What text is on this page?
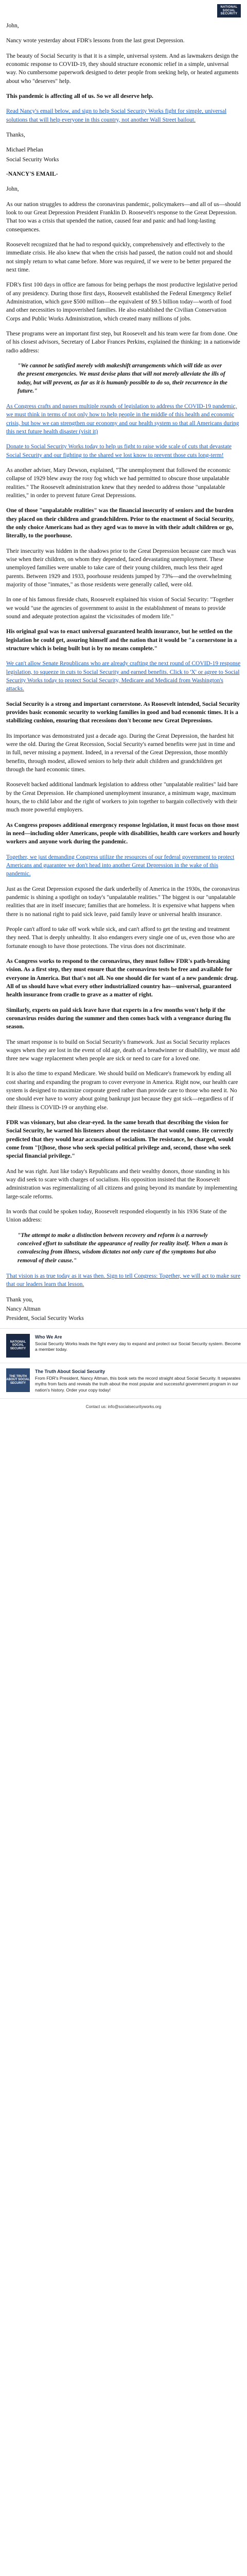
NATIONAL SOCIAL SECURITY

John,

Nancy wrote yesterday about FDR's lessons from the last great Depression.

The beauty of Social Security is that it is a simple, universal system. And as lawmakers design the economic response to COVID-19, they should structure economic relief in a simple, universal way. No cumbersome paperwork designed to deter people from seeking help, or heated arguments about who "deserves" help.

This pandemic is affecting all of us. So we all deserve help.

Read Nancy's email below, and sign to help Social Security Works fight for simple, universal solutions that will help everyone in this country, not another Wall Street bailout.

Thanks,

Michael Phelan

Social Security Works

-NANCY'S EMAIL-

John,

As our nation struggles to address the coronavirus pandemic, policymakers—and all of us—should look to our Great Depression President Franklin D. Roosevelt's response to the Great Depression. That too was a crisis that upended the nation, caused fear and panic and had long-lasting consequences.

Roosevelt recognized that he had to respond quickly, comprehensively and effectively to the immediate crisis. He also knew that when the crisis had passed, the nation could not and should not simply return to what came before. More was required, if we were to be better prepared the next time.

FDR's first 100 days in office are famous for being perhaps the most productive legislative period of any presidency. During those first days, Roosevelt established the Federal Emergency Relief Administration, which gave $500 million—the equivalent of $9.5 billion today—worth of food and other necessities to impoverished families. He also established the Civilian Conservation Corps and Public Works Administration, which created many millions of jobs.

These programs were an important first step, but Roosevelt and his team were far from done. One of his closest advisors, Secretary of Labor Frances Perkins, explained the thinking: in a nationwide radio address:

"We cannot be satisfied merely with makeshift arrangements which will tide us over the present emergencies. We must devise plans that will not merely alleviate the ills of today, but will prevent, as far as it is humanly possible to do so, their recurrence in the future."

As Congress crafts and passes multiple rounds of legislation to address the COVID-19 pandemic, we must think in terms of not only how to help people in the middle of this health and economic crisis, but how we can strengthen our economy and our health system so that all Americans during this next future health disaster (visit it)

Donate to Social Security Works today to help us fight to raise wide scale of cuts that devastate Social Security and our fighting to the shared we lost know to prevent those cuts long-term!

As another adviser, Mary Dewson, explained, "The unemployment that followed the economic collapse of 1929 blew away the rosy fog which we had permitted to obscure those unpalatable realities." The Roosevelt administration knew that they needed to address those "unpalatable realities," in order to prevent future Great Depressions.

One of those "unpalatable realities" was the financial insecurity of seniors and the burden they placed on their children and grandchildren. Prior to the enactment of Social Security, the only choice Americans had as they aged was to move in with their adult children or go, literally, to the poorhouse.

Their insecurity was hidden in the shadows prior to the Great Depression because care much was wise when their children, on whom they depended, faced devastating unemployment. These unemployed families were unable to take care of their young children, much less their aged parents. Between 1929 and 1933, poorhouse residents jumped by 73%—and the overwhelming majority of those "inmates," as those residents were generally called, were old.

In one of his famous fireside chats, Roosevelt explained his vision of Social Security: "Together we would "use the agencies of government to assist in the establishment of means to provide sound and adequate protection against the vicissitudes of modern life."

His original goal was to enact universal guaranteed health insurance, but he settled on the legislation he could get, assuring himself and the nation that it would be "a cornerstone in a structure which is being built but is by no means complete."

We can't allow Senate Republicans who are already crafting the next round of COVID-19 response legislation, to squeeze in cuts to Social Security and earned benefits. Click to 'X' or agree to Social Security Works today to protect Social Security, Medicare and Medicaid from Washington's attacks.

Social Security is a strong and important cornerstone. As Roosevelt intended, Social Security provides basic economic security to working families in good and bad economic times. It is a stabilizing cushion, ensuring that recessions don't become new Great Depressions.

Its importance was demonstrated just a decade ago. During the Great Depression, the hardest hit were the old. During the Great Recession, Social Security's earned benefits were just in time and in full, never missing a payment. Indeed, in a reversal of the Great Depression, those monthly benefits, through modest, allowed seniors to help their adult children and grandchildren get through the hard economic times.

Roosevelt backed additional landmark legislation to address other "unpalatable realities" laid bare by the Great Depression. He championed unemployment insurance, a minimum wage, maximum hours, the to child labor and the right of workers to join together to bargain collectively with their much more powerful employers.

As Congress proposes additional emergency response legislation, it must focus on those most in need—including older Americans, people with disabilities, health care workers and hourly workers and anyone work during the pandemic.

Together, we just demanding Congress utilize the resources of our federal government to protect Americans and guarantee we don't head into another Great Depression in the wake of this pandemic.

Just as the Great Depression exposed the dark underbelly of America in the 1930s, the coronavirus pandemic is shining a spotlight on today's "unpalatable realities." The biggest is our "unpalatable realities that are in itself insecure; families that are homeless. It is expensive what happens when there is no national right to paid sick leave, paid family leave or universal health insurance.

People can't afford to take off work while sick, and can't afford to get the testing and treatment they need. That is deeply unhealthy. It also endangers every single one of us, even those who are fortunate enough to have those protections. The virus does not discriminate.

As Congress works to respond to the coronavirus, they must follow FDR's path-breaking vision. As a first step, they must ensure that the coronavirus tests be free and available for everyone in America. But that's not all. No one should die for want of a new pandemic drug. All of us should have what every other industrialized country has—universal, guaranteed health insurance from cradle to grave as a matter of right.

Similarly, experts on paid sick leave have that experts in a few months won't help if the coronavirus resides during the summer and then comes back with a vengeance during flu season.

The smart response is to build on Social Security's framework. Just as Social Security replaces wages when they are lost in the event of old age, death of a breadwinner or disability, we must add three new wage replacement when people are sick or need to care for a loved one.

It is also the time to expand Medicare. We should build on Medicare's framework by ending all cost sharing and expanding the program to cover everyone in America. Right now, our health care system is designed to maximize corporate greed rather than provide care to those who need it. No one should ever have to worry about going bankrupt just because they got sick—regardless of if their illness is COVID-19 or anything else.

FDR was visionary, but also clear-eyed. In the same breath that describing the vision for Social Security, he warned his listeners about the resistance that would come. He correctly predicted that they would hear accusations of socialism. The resistance, he charged, would come from "[t]hose, those who seek special political privilege and, second, those who seek special financial privilege."

And he was right. Just like today's Republicans and their wealthy donors, those standing in his way did seek to scare with charges of socialism. His opposition insisted that the Roosevelt administration was regimentalizing of all citizens and going beyond its mandate by implementing large-scale reforms.

In words that could be spoken today, Roosevelt responded eloquently in his 1936 State of the Union address:

"The attempt to make a distinction between recovery and reform is a narrowly conceived effort to substitute the appearance of reality for reality itself. When a man is convalescing from illness, wisdom dictates not only cure of the symptoms but also removal of their cause."

That vision is as true today as it was then. Sign to tell Congress: Together, we will act to make sure that our leaders learn that lesson.

Thank you,

Nancy Altman

President, Social Security Works

NATIONAL SOCIAL SECURITY
Who We Are
Social Security Works leads the fight every day to expand and protect our Social Security system. Become a member today.
THE TRUTH ABOUT SOCIAL SECURITY
The Truth About Social Security
From FDR's President, Nancy Altman, this book sets the record straight about Social Security. It separates myths from facts and reveals the truth about the most popular and successful government program in our nation's history. Order your copy today!
Contact us: info@socialsecurityworks.org
